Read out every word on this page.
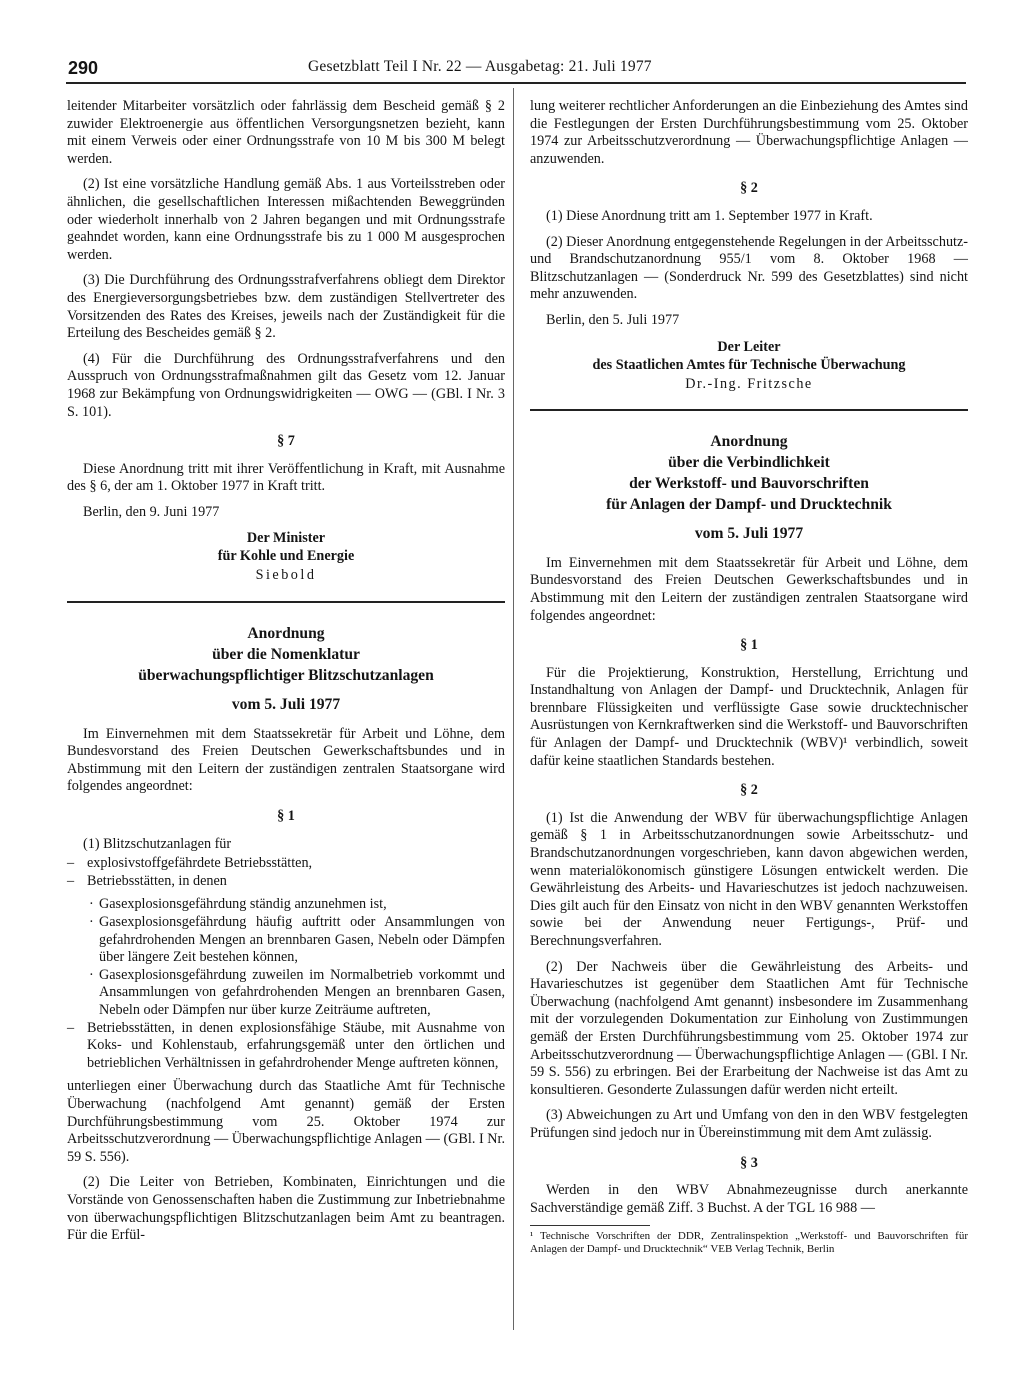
290	Gesetzblatt Teil I Nr. 22 — Ausgabetag: 21. Juli 1977

leitender Mitarbeiter vorsätzlich oder fahrlässig dem Bescheid gemäß § 2 zuwider Elektroenergie aus öffentlichen Versorgungsnetzen bezieht, kann mit einem Verweis oder einer Ordnungsstrafe von 10 M bis 300 M belegt werden.

(2) Ist eine vorsätzliche Handlung gemäß Abs. 1 aus Vorteilsstreben oder ähnlichen, die gesellschaftlichen Interessen mißachtenden Beweggründen oder wiederholt innerhalb von 2 Jahren begangen und mit Ordnungsstrafe geahndet worden, kann eine Ordnungsstrafe bis zu 1 000 M ausgesprochen werden.

(3) Die Durchführung des Ordnungsstrafverfahrens obliegt dem Direktor des Energieversorgungsbetriebes bzw. dem zuständigen Stellvertreter des Vorsitzenden des Rates des Kreises, jeweils nach der Zuständigkeit für die Erteilung des Bescheides gemäß § 2.

(4) Für die Durchführung des Ordnungsstrafverfahrens und den Ausspruch von Ordnungsstrafmaßnahmen gilt das Gesetz vom 12. Januar 1968 zur Bekämpfung von Ordnungswidrigkeiten — OWG — (GBl. I Nr. 3 S. 101).

§ 7

Diese Anordnung tritt mit ihrer Veröffentlichung in Kraft, mit Ausnahme des § 6, der am 1. Oktober 1977 in Kraft tritt.

Berlin, den 9. Juni 1977

Der Minister
für Kohle und Energie
Siebold
Anordnung
über die Nomenklatur
überwachungspflichtiger Blitzschutzanlagen
vom 5. Juli 1977

Im Einvernehmen mit dem Staatssekretär für Arbeit und Löhne, dem Bundesvorstand des Freien Deutschen Gewerkschaftsbundes und in Abstimmung mit den Leitern der zuständigen zentralen Staatsorgane wird folgendes angeordnet:

§ 1

(1) Blitzschutzanlagen für

– explosivstoffgefährdete Betriebsstätten,
– Betriebsstätten, in denen
· Gasexplosionsgefährdung ständig anzunehmen ist,
· Gasexplosionsgefährdung häufig auftritt oder Ansammlungen von gefahrdrohenden Mengen an brennbaren Gasen, Nebeln oder Dämpfen über längere Zeit bestehen können,
· Gasexplosionsgefährdung zuweilen im Normalbetrieb vorkommt und Ansammlungen von gefahrdrohenden Mengen an brennbaren Gasen, Nebeln oder Dämpfen nur über kurze Zeiträume auftreten,
– Betriebsstätten, in denen explosionsfähige Stäube, mit Ausnahme von Koks- und Kohlenstaub, erfahrungsgemäß unter den örtlichen und betrieblichen Verhältnissen in gefahrdrohender Menge auftreten können,

unterliegen einer Überwachung durch das Staatliche Amt für Technische Überwachung (nachfolgend Amt genannt) gemäß der Ersten Durchführungsbestimmung vom 25. Oktober 1974 zur Arbeitsschutzverordnung — Überwachungspflichtige Anlagen — (GBl. I Nr. 59 S. 556).

(2) Die Leiter von Betrieben, Kombinaten, Einrichtungen und die Vorstände von Genossenschaften haben die Zustimmung zur Inbetriebnahme von überwachungspflichtigen Blitzschutzanlagen beim Amt zu beantragen. Für die Erfül-

lung weiterer rechtlicher Anforderungen an die Einbeziehung des Amtes sind die Festlegungen der Ersten Durchführungsbestimmung vom 25. Oktober 1974 zur Arbeitsschutzverordnung — Überwachungspflichtige Anlagen — anzuwenden.

§ 2

(1) Diese Anordnung tritt am 1. September 1977 in Kraft.

(2) Dieser Anordnung entgegenstehende Regelungen in der Arbeitsschutz- und Brandschutzanordnung 955/1 vom 8. Oktober 1968 — Blitzschutzanlagen — (Sonderdruck Nr. 599 des Gesetzblattes) sind nicht mehr anzuwenden.

Berlin, den 5. Juli 1977

Der Leiter
des Staatlichen Amtes für Technische Überwachung
Dr.-Ing. Fritzsche
Anordnung
über die Verbindlichkeit
der Werkstoff- und Bauvorschriften
für Anlagen der Dampf- und Drucktechnik
vom 5. Juli 1977

Im Einvernehmen mit dem Staatssekretär für Arbeit und Löhne, dem Bundesvorstand des Freien Deutschen Gewerkschaftsbundes und in Abstimmung mit den Leitern der zuständigen zentralen Staatsorgane wird folgendes angeordnet:

§ 1

Für die Projektierung, Konstruktion, Herstellung, Errichtung und Instandhaltung von Anlagen der Dampf- und Drucktechnik, Anlagen für brennbare Flüssigkeiten und verflüssigte Gase sowie drucktechnischer Ausrüstungen von Kernkraftwerken sind die Werkstoff- und Bauvorschriften für Anlagen der Dampf- und Drucktechnik (WBV)¹ verbindlich, soweit dafür keine staatlichen Standards bestehen.

§ 2

(1) Ist die Anwendung der WBV für überwachungspflichtige Anlagen gemäß § 1 in Arbeitsschutzanordnungen sowie Arbeitsschutz- und Brandschutzanordnungen vorgeschrieben, kann davon abgewichen werden, wenn materialökonomisch günstigere Lösungen entwickelt werden. Die Gewährleistung des Arbeits- und Havarieschutzes ist jedoch nachzuweisen. Dies gilt auch für den Einsatz von nicht in den WBV genannten Werkstoffen sowie bei der Anwendung neuer Fertigungs-, Prüf- und Berechnungsverfahren.

(2) Der Nachweis über die Gewährleistung des Arbeits- und Havarieschutzes ist gegenüber dem Staatlichen Amt für Technische Überwachung (nachfolgend Amt genannt) insbesondere im Zusammenhang mit der vorzulegenden Dokumentation zur Einholung von Zustimmungen gemäß der Ersten Durchführungsbestimmung vom 25. Oktober 1974 zur Arbeitsschutzverordnung — Überwachungspflichtige Anlagen — (GBl. I Nr. 59 S. 556) zu erbringen. Bei der Erarbeitung der Nachweise ist das Amt zu konsultieren. Gesonderte Zulassungen dafür werden nicht erteilt.

(3) Abweichungen zu Art und Umfang von den in den WBV festgelegten Prüfungen sind jedoch nur in Übereinstimmung mit dem Amt zulässig.

§ 3

Werden in den WBV Abnahmezeugnisse durch anerkannte Sachverständige gemäß Ziff. 3 Buchst. A der TGL 16 988 —

¹ Technische Vorschriften der DDR, Zentralinspektion „Werkstoff- und Bauvorschriften für Anlagen der Dampf- und Drucktechnik“ VEB Verlag Technik, Berlin
